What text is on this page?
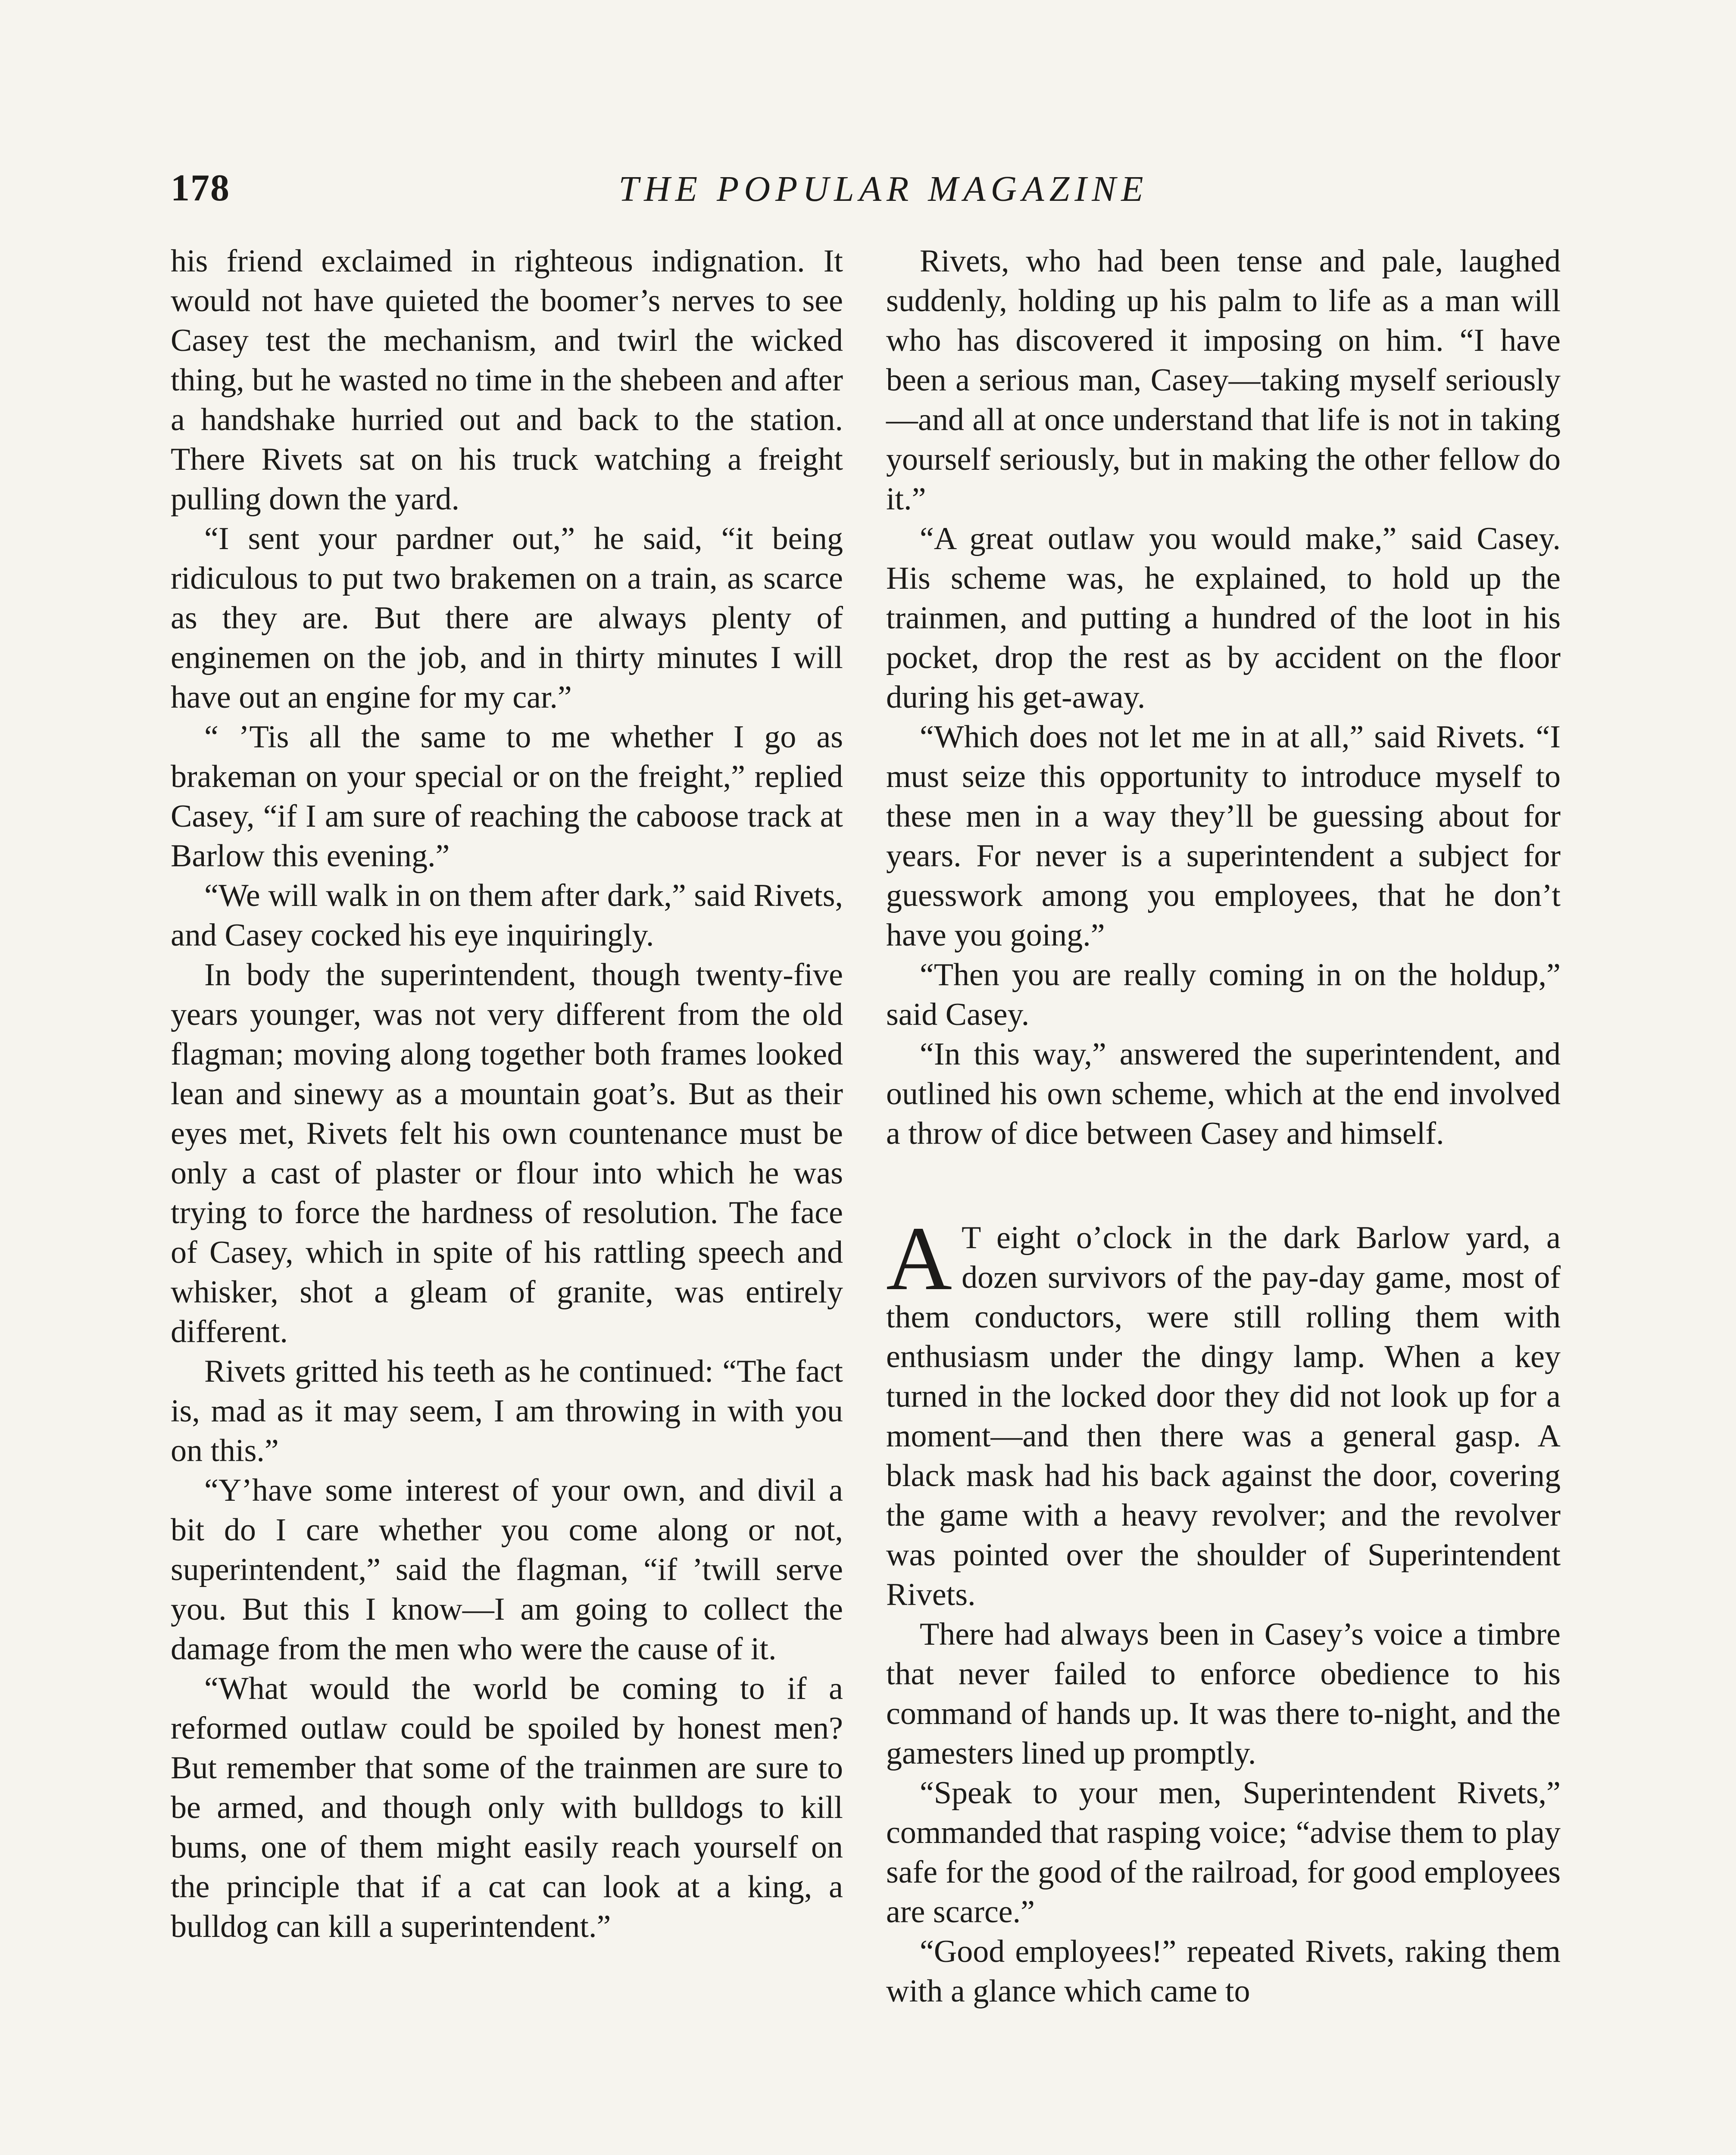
178	THE POPULAR MAGAZINE

his friend exclaimed in righteous indignation. It would not have quieted the boomer’s nerves to see Casey test the mechanism, and twirl the wicked thing, but he wasted no time in the shebeen and after a handshake hurried out and back to the station. There Rivets sat on his truck watching a freight pulling down the yard.

“I sent your pardner out,” he said, “it being ridiculous to put two brakemen on a train, as scarce as they are. But there are always plenty of enginemen on the job, and in thirty minutes I will have out an engine for my car.”

“ ’Tis all the same to me whether I go as brakeman on your special or on the freight,” replied Casey, “if I am sure of reaching the caboose track at Barlow this evening.”

“We will walk in on them after dark,” said Rivets, and Casey cocked his eye inquiringly.

In body the superintendent, though twenty-five years younger, was not very different from the old flagman; moving along together both frames looked lean and sinewy as a mountain goat’s. But as their eyes met, Rivets felt his own countenance must be only a cast of plaster or flour into which he was trying to force the hardness of resolution. The face of Casey, which in spite of his rattling speech and whisker, shot a gleam of granite, was entirely different.

Rivets gritted his teeth as he continued: “The fact is, mad as it may seem, I am throwing in with you on this.”

“Y’have some interest of your own, and divil a bit do I care whether you come along or not, superintendent,” said the flagman, “if ’twill serve you. But this I know—I am going to collect the damage from the men who were the cause of it.

“What would the world be coming to if a reformed outlaw could be spoiled by honest men? But remember that some of the trainmen are sure to be armed, and though only with bulldogs to kill bums, one of them might easily reach yourself on the principle that if a cat can look at a king, a bulldog can kill a superintendent.”

Rivets, who had been tense and pale, laughed suddenly, holding up his palm to life as a man will who has discovered it imposing on him. “I have been a serious man, Casey—taking myself seriously—and all at once understand that life is not in taking yourself seriously, but in making the other fellow do it.”

“A great outlaw you would make,” said Casey. His scheme was, he explained, to hold up the trainmen, and putting a hundred of the loot in his pocket, drop the rest as by accident on the floor during his get-away.

“Which does not let me in at all,” said Rivets. “I must seize this opportunity to introduce myself to these men in a way they’ll be guessing about for years. For never is a superintendent a subject for guesswork among you employees, that he don’t have you going.”

“Then you are really coming in on the holdup,” said Casey.

“In this way,” answered the superintendent, and outlined his own scheme, which at the end involved a throw of dice between Casey and himself.

A T eight o’clock in the dark Barlow yard, a dozen survivors of the pay-day game, most of them conductors, were still rolling them with enthusiasm under the dingy lamp. When a key turned in the locked door they did not look up for a moment—and then there was a general gasp. A black mask had his back against the door, covering the game with a heavy revolver; and the revolver was pointed over the shoulder of Superintendent Rivets.

There had always been in Casey’s voice a timbre that never failed to enforce obedience to his command of hands up. It was there to-night, and the gamesters lined up promptly.

“Speak to your men, Superintendent Rivets,” commanded that rasping voice; “advise them to play safe for the good of the railroad, for good employees are scarce.”

“Good employees!” repeated Rivets, raking them with a glance which came to
